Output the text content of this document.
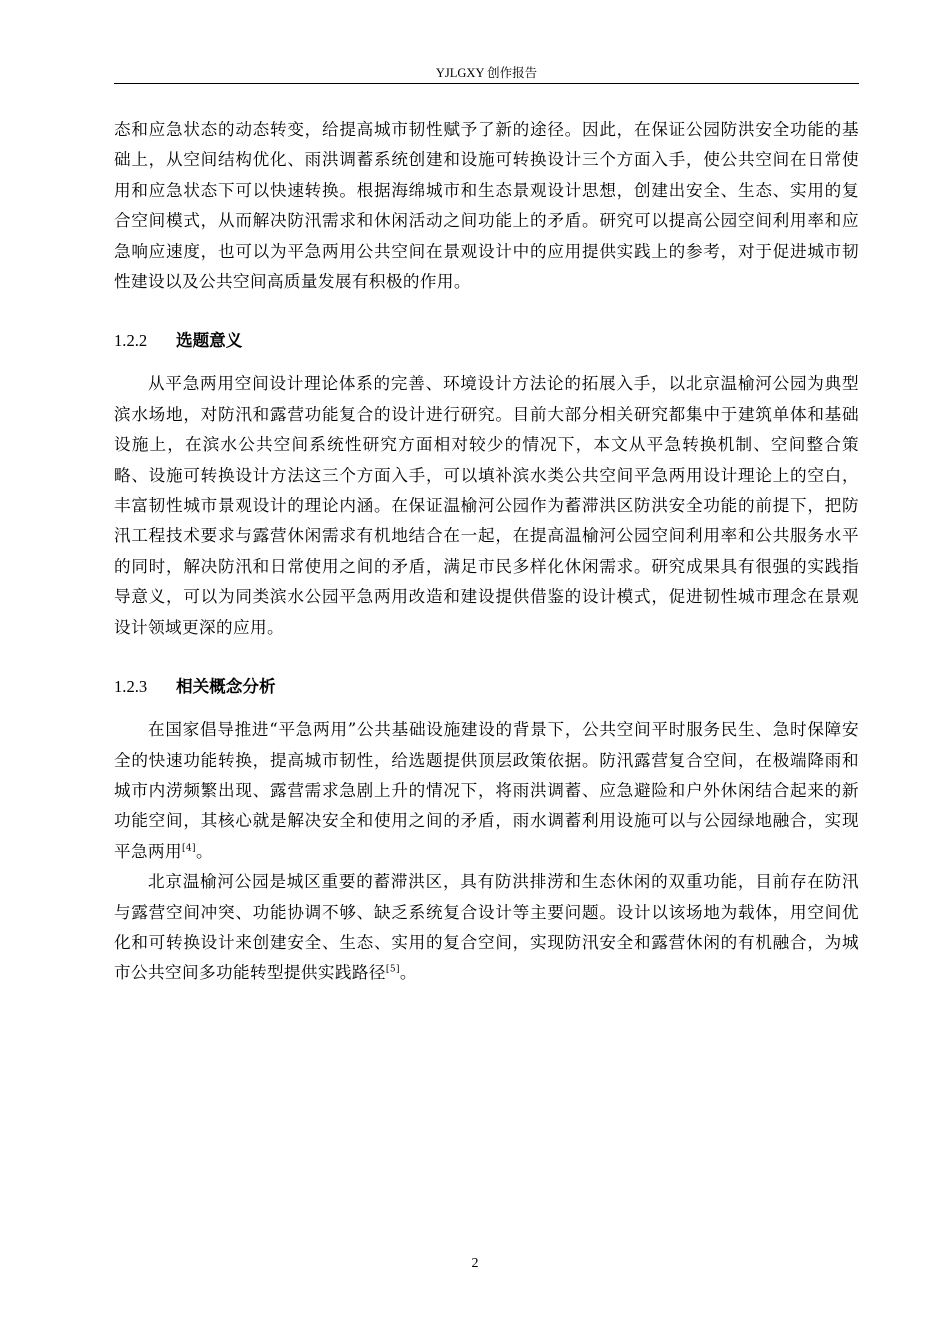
YJLGXY 创作报告

态和应急状态的动态转变，给提高城市韧性赋予了新的途径。因此，在保证公园防洪安全功能的基础上，从空间结构优化、雨洪调蓄系统创建和设施可转换设计三个方面入手，使公共空间在日常使用和应急状态下可以快速转换。根据海绵城市和生态景观设计思想，创建出安全、生态、实用的复合空间模式，从而解决防汛需求和休闲活动之间功能上的矛盾。研究可以提高公园空间利用率和应急响应速度，也可以为平急两用公共空间在景观设计中的应用提供实践上的参考，对于促进城市韧性建设以及公共空间高质量发展有积极的作用。

1.2.2 选题意义

从平急两用空间设计理论体系的完善、环境设计方法论的拓展入手，以北京温榆河公园为典型滨水场地，对防汛和露营功能复合的设计进行研究。目前大部分相关研究都集中于建筑单体和基础设施上，在滨水公共空间系统性研究方面相对较少的情况下，本文从平急转换机制、空间整合策略、设施可转换设计方法这三个方面入手，可以填补滨水类公共空间平急两用设计理论上的空白，丰富韧性城市景观设计的理论内涵。在保证温榆河公园作为蓄滞洪区防洪安全功能的前提下，把防汛工程技术要求与露营休闲需求有机地结合在一起，在提高温榆河公园空间利用率和公共服务水平的同时，解决防汛和日常使用之间的矛盾，满足市民多样化休闲需求。研究成果具有很强的实践指导意义，可以为同类滨水公园平急两用改造和建设提供借鉴的设计模式，促进韧性城市理念在景观设计领域更深的应用。

1.2.3 相关概念分析

在国家倡导推进“平急两用”公共基础设施建设的背景下，公共空间平时服务民生、急时保障安全的快速功能转换，提高城市韧性，给选题提供顶层政策依据。防汛露营复合空间，在极端降雨和城市内涝频繁出现、露营需求急剧上升的情况下，将雨洪调蓄、应急避险和户外休闲结合起来的新功能空间，其核心就是解决安全和使用之间的矛盾，雨水调蓄利用设施可以与公园绿地融合，实现平急两用[4]。

北京温榆河公园是城区重要的蓄滞洪区，具有防洪排涝和生态休闲的双重功能，目前存在防汛与露营空间冲突、功能协调不够、缺乏系统复合设计等主要问题。设计以该场地为载体，用空间优化和可转换设计来创建安全、生态、实用的复合空间，实现防汛安全和露营休闲的有机融合，为城市公共空间多功能转型提供实践路径[5]。

2
